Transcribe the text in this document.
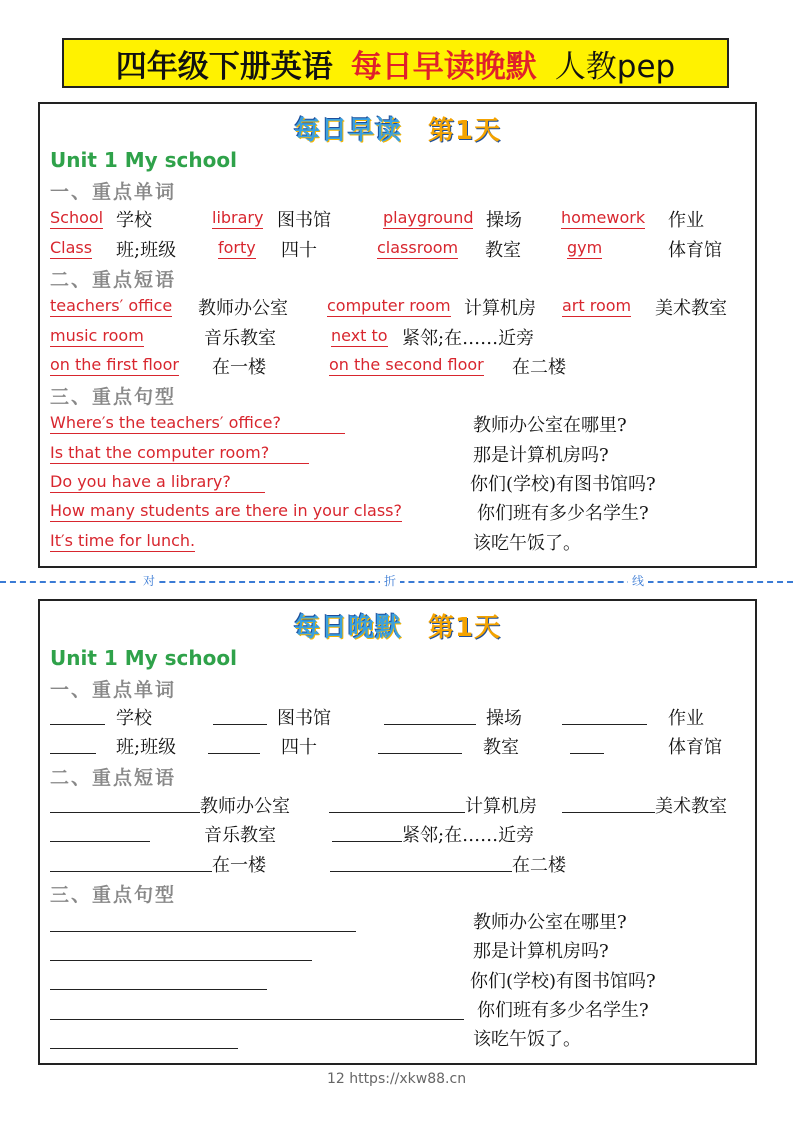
四年级下册英语 每日早读晚默 人教pep
每日早读 第1天
Unit 1 My school
一、重点单词
School 学校	library 图书馆	playground 操场 homework 作业
Class 班;班级	forty 四十	classroom 教室	gym	体育馆
二、重点短语
teachers′ office 教师办公室 computer room 计算机房 art room 美术教室
music room	音乐教室	next to 紧邻;在……近旁
on the first floor 在一楼	on the second floor 在二楼
三、重点句型
Where′s the teachers′ office?	教师办公室在哪里?
Is that the computer room?	那是计算机房吗?
Do you have a library?	你们(学校)有图书馆吗?
How many students are there in your class?	你们班有多少名学生?
It′s time for lunch.	该吃午饭了。
对	折	线
每日晚默 第1天
Unit 1 My school
一、重点单词
学校	图书馆	操场	作业
班;班级	四十	教室	体育馆
二、重点短语
教师办公室	计算机房	美术教室
音乐教室	紧邻;在……近旁
在一楼	在二楼
三、重点句型
教师办公室在哪里?
那是计算机房吗?
你们(学校)有图书馆吗?
你们班有多少名学生?
该吃午饭了。
12 https://xkw88.cn
